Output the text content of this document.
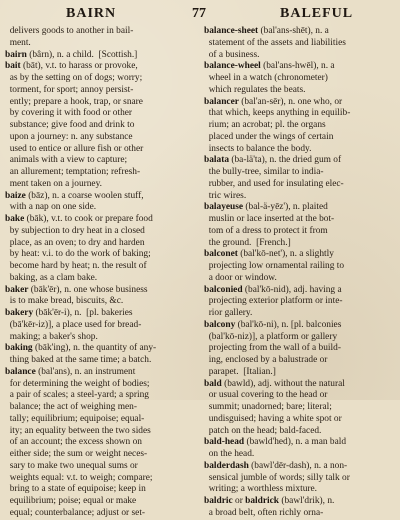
BAIRN	77	BALEFUL
delivers goods to another in bail-
ment.
bairn (bârn), n. a child.  [Scottish.]
bait (bāt), v.t. to harass or provoke,
as by the setting on of dogs; worry;
torment, for sport; annoy persist-
ently; prepare a hook, trap, or snare
by covering it with food or other
substance; give food and drink to
upon a journey: n. any substance
used to entice or allure fish or other
animals with a view to capture;
an allurement; temptation; refresh-
ment taken on a journey.
baize (bāz), n. a coarse woolen stuff,
with a nap on one side.
bake (bāk), v.t. to cook or prepare food
by subjection to dry heat in a closed
place, as an oven; to dry and harden
by heat: v.i. to do the work of baking;
become hard by heat; n. the result of
baking, as a clam bake.
baker (bāk'ēr), n. one whose business
is to make bread, biscuits, &c.
bakery (bāk'ēr-i), n.  [pl. bakeries
(bā'kēr-iz)], a place used for bread-
making; a baker's shop.
baking (bāk'ing), n. the quantity of any-
thing baked at the same time; a batch.
balance (bal'ans), n. an instrument
for determining the weight of bodies;
a pair of scales; a steel-yard; a spring
balance; the act of weighing men-
tally; equilibrium; equipoise; equal-
ity; an equality between the two sides
of an account; the excess shown on
either side; the sum or weight neces-
sary to make two unequal sums or
weights equal: v.t. to weigh; compare;
bring to a state of equipoise; keep in
equilibrium; poise; equal or make
equal; counterbalance; adjust or set-
balance-sheet (bal'ans-shēt), n. a
statement of the assets and liabilities
of a business.
balance-wheel (bal'ans-hwēl), n. a
wheel in a watch (chronometer)
which regulates the beats.
balancer (bal'an-sēr), n. one who, or
that which, keeps anything in equilib-
rium; an acrobat; pl. the organs
placed under the wings of certain
insects to balance the body.
balata (ba-lä'ta), n. the dried gum of
the bully-tree, similar to india-
rubber, and used for insulating elec-
tric wires.
balayeuse (bal-ä-yēz'), n. plaited
muslin or lace inserted at the bot-
tom of a dress to protect it from
the ground.  [French.]
balconet (bal'kō-net'), n. a slightly
projecting low ornamental railing to
a door or window.
balconied (bal'kō-nid), adj. having a
projecting exterior platform or inte-
rior gallery.
balcony (bal'kō-ni), n. [pl. balconies
(bal'kō-niz)], a platform or gallery
projecting from the wall of a build-
ing, enclosed by a balustrade or
parapet.  [Italian.]
bald (bawld), adj. without the natural
or usual covering to the head or
summit; unadorned; bare; literal;
undisguised; having a white spot or
patch on the head; bald-faced.
bald-head (bawld'hed), n. a man bald
on the head.
balderdash (bawl'dēr-dash), n. a non-
sensical jumble of words; silly talk or
writing; a worthless mixture.
baldric or baldrick (bawl'drik), n.
a broad belt, often richly orna-
